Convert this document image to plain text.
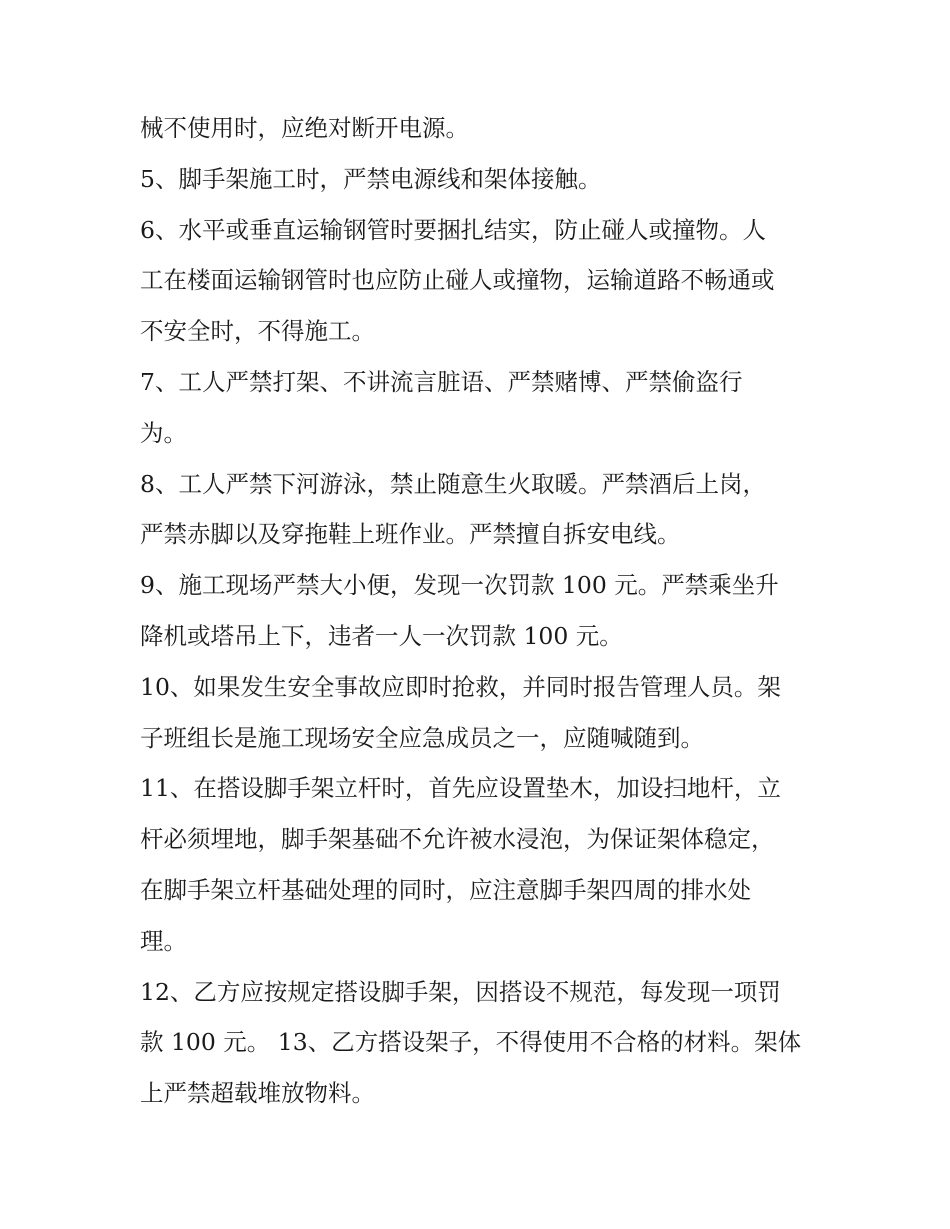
械不使用时，应绝对断开电源。
5、脚手架施工时，严禁电源线和架体接触。
6、水平或垂直运输钢管时要捆扎结实，防止碰人或撞物。人
工在楼面运输钢管时也应防止碰人或撞物，运输道路不畅通或
不安全时，不得施工。
7、工人严禁打架、不讲流言脏语、严禁赌博、严禁偷盗行
为。
8、工人严禁下河游泳，禁止随意生火取暖。严禁酒后上岗，
严禁赤脚以及穿拖鞋上班作业。严禁擅自拆安电线。
9、施工现场严禁大小便，发现一次罚款 100 元。严禁乘坐升
降机或塔吊上下，违者一人一次罚款 100 元。
10、如果发生安全事故应即时抢救，并同时报告管理人员。架
子班组长是施工现场安全应急成员之一，应随喊随到。
11、在搭设脚手架立杆时，首先应设置垫木，加设扫地杆，立
杆必须埋地，脚手架基础不允许被水浸泡，为保证架体稳定，
在脚手架立杆基础处理的同时，应注意脚手架四周的排水处
理。
12、乙方应按规定搭设脚手架，因搭设不规范，每发现一项罚
款 100 元。 13、乙方搭设架子，不得使用不合格的材料。架体
上严禁超载堆放物料。
